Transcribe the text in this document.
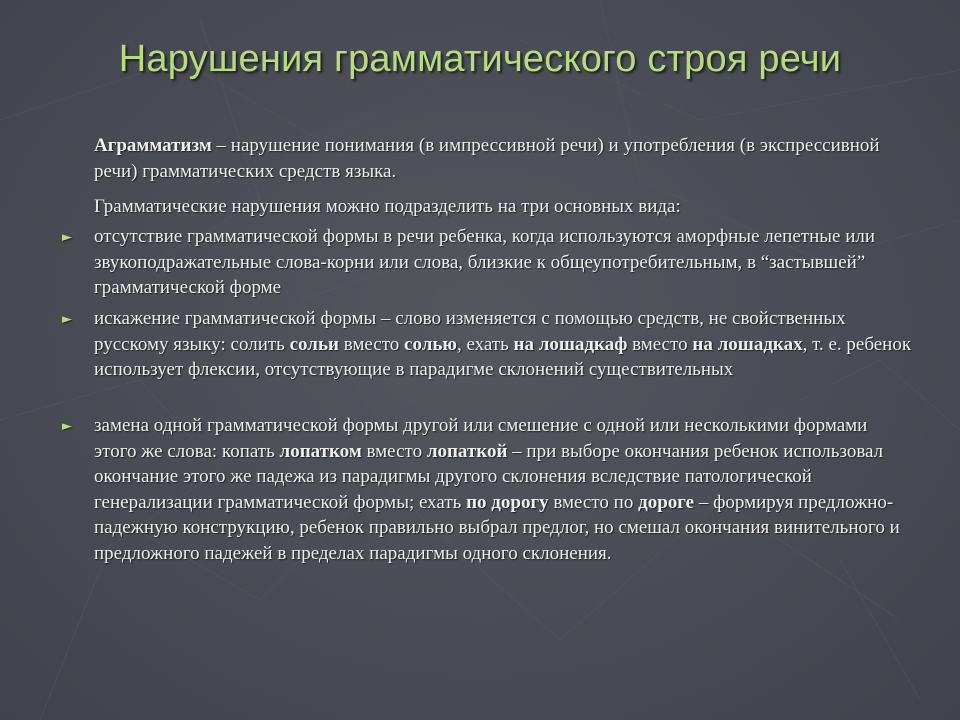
Нарушения грамматического строя речи
Аграмматизм – нарушение понимания (в импрессивной речи) и употребления (в экспрессивной речи) грамматических средств языка.
Грамматические нарушения можно подразделить на три основных вида:
► отсутствие грамматической формы в речи ребенка, когда используются аморфные лепетные или звукоподражательные слова-корни или слова, близкие к общеупотребительным, в “застывшей” грамматической форме
► искажение грамматической формы – слово изменяется с помощью средств, не свойственных русскому языку: солить сольи вместо солью, ехать на лошадкаф вместо на лошадках, т. е. ребенок использует флексии, отсутствующие в парадигме склонений существительных
► замена одной грамматической формы другой или смешение с одной или несколькими формами этого же слова: копать лопатком вместо лопаткой – при выборе окончания ребенок использовал окончание этого же падежа из парадигмы другого склонения вследствие патологической генерализации грамматической формы; ехать по дорогу вместо по дороге – формируя предложно-падежную конструкцию, ребенок правильно выбрал предлог, но смешал окончания винительного и предложного падежей в пределах парадигмы одного склонения.
